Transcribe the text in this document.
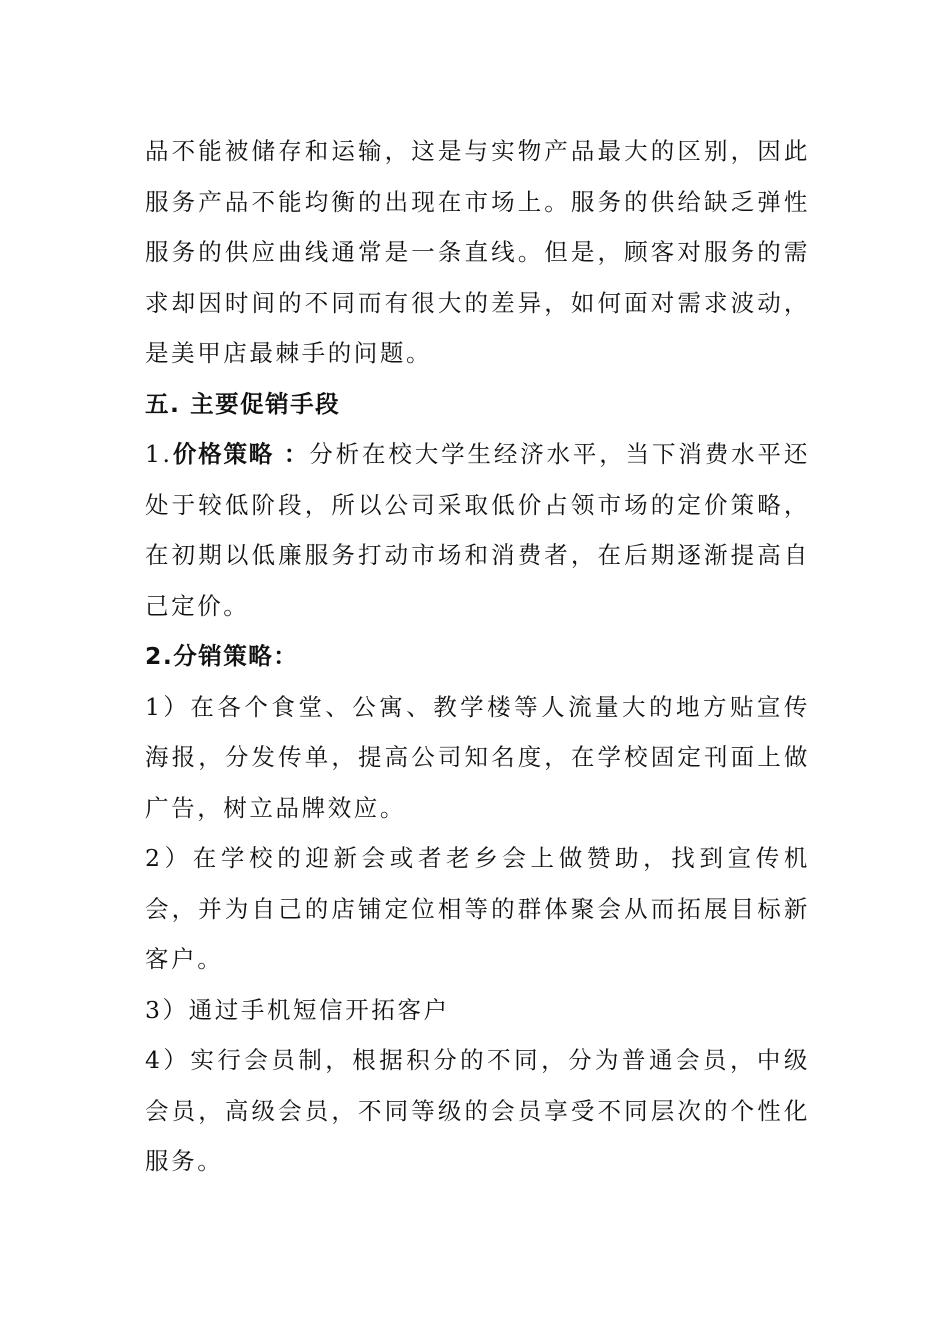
品不能被储存和运输，这是与实物产品最大的区别，因此服务产品不能均衡的出现在市场上。服务的供给缺乏弹性服务的供应曲线通常是一条直线。但是，顾客对服务的需求却因时间的不同而有很大的差异，如何面对需求波动，是美甲店最棘手的问题。

五. 主要促销手段

1.价格策略 ：分析在校大学生经济水平，当下消费水平还处于较低阶段，所以公司采取低价占领市场的定价策略，在初期以低廉服务打动市场和消费者，在后期逐渐提高自己定价。

2.分销策略：

1）在各个食堂、公寓、教学楼等人流量大的地方贴宣传海报，分发传单，提高公司知名度，在学校固定刊面上做广告，树立品牌效应。

2）在学校的迎新会或者老乡会上做赞助，找到宣传机会，并为自己的店铺定位相等的群体聚会从而拓展目标新客户。

3）通过手机短信开拓客户

4）实行会员制，根据积分的不同，分为普通会员，中级会员，高级会员，不同等级的会员享受不同层次的个性化服务。
